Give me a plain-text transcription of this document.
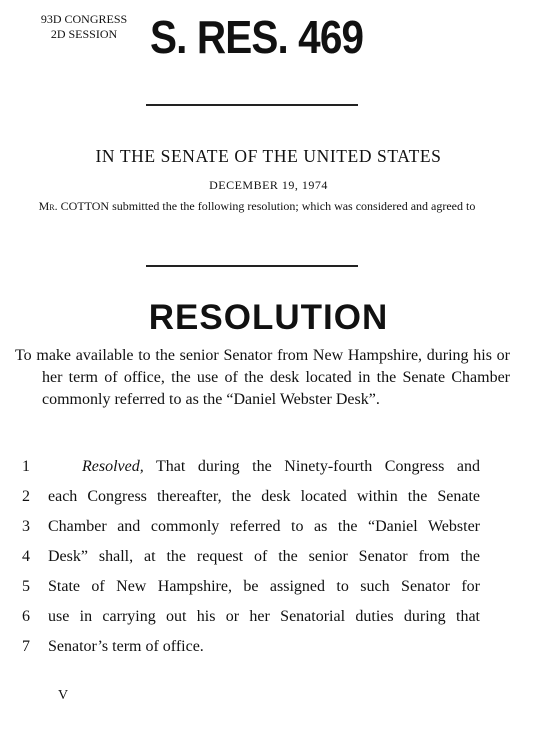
93D CONGRESS
2D SESSION S. RES. 469
IN THE SENATE OF THE UNITED STATES
DECEMBER 19, 1974
Mr. COTTON submitted the the following resolution; which was considered and agreed to
RESOLUTION
To make available to the senior Senator from New Hampshire, during his or her term of office, the use of the desk located in the Senate Chamber commonly referred to as the “Daniel Webster Desk”.
1	Resolved, That during the Ninety-fourth Congress and
2	each Congress thereafter, the desk located within the Senate
3	Chamber and commonly referred to as the “Daniel Webster
4	Desk” shall, at the request of the senior Senator from the
5	State of New Hampshire, be assigned to such Senator for
6	use in carrying out his or her Senatorial duties during that
7	Senator’s term of office.
V
